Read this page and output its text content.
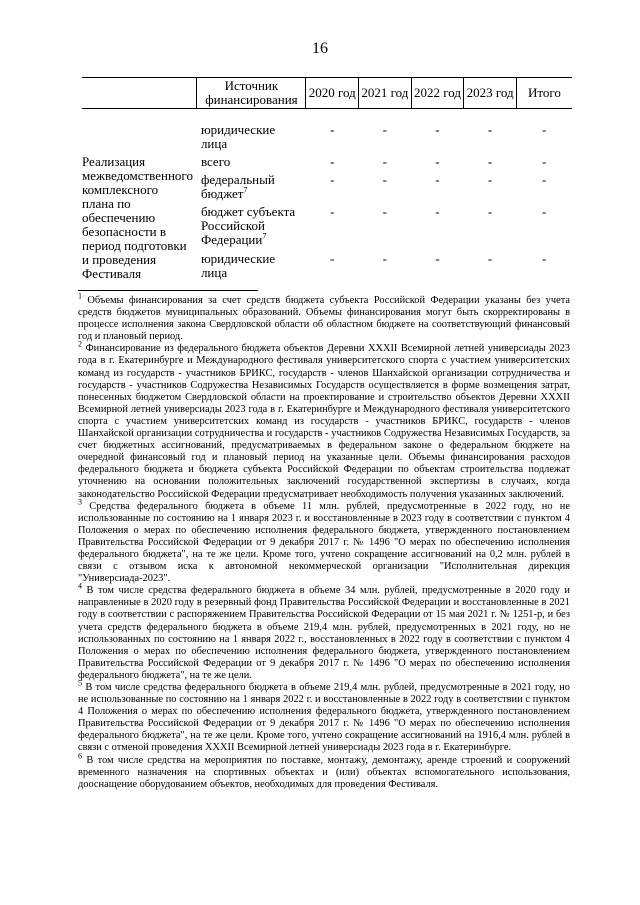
16
	Источник финансирования	2020 год	2021 год	2022 год	2023 год	Итого

	юридические лица	-	-	-	-	-

Реализация межведомственного комплексного плана по обеспечению безопасности в период подготовки и проведения Фестиваля	всего	-	-	-	-	-
	федеральный бюджет$^7$	-	-	-	-	-
	бюджет субъекта Российской Федерации$^7$	-	-	-	-	-
	юридические лица	-	-	-	-	-

$^1$ Объемы финансирования за счет средств бюджета субъекта Российской Федерации указаны без учета средств бюджетов муниципальных образований. Объемы финансирования могут быть скорректированы в процессе исполнения закона Свердловской области об областном бюджете на соответствующий финансовый год и плановый период.

$^2$ Финансирование из федерального бюджета объектов Деревни XXXII Всемирной летней универсиады 2023 года в г. Екатеринбурге и Международного фестиваля университетского спорта с участием университетских команд из государств - участников БРИКС, государств - членов Шанхайской организации сотрудничества и государств - участников Содружества Независимых Государств осуществляется в форме возмещения затрат, понесенных бюджетом Свердловской области на проектирование и строительство объектов Деревни XXXII Всемирной летней универсиады 2023 года в г. Екатеринбурге и Международного фестиваля университетского спорта с участием университетских команд из государств - участников БРИКС, государств - членов Шанхайской организации сотрудничества и государств - участников Содружества Независимых Государств, за счет бюджетных ассигнований, предусматриваемых в федеральном законе о федеральном бюджете на очередной финансовый год и плановый период на указанные цели. Объемы финансирования расходов федерального бюджета и бюджета субъекта Российской Федерации по объектам строительства подлежат уточнению на основании положительных заключений государственной экспертизы в случаях, когда законодательство Российской Федерации предусматривает необходимость получения указанных заключений.

$^3$ Средства федерального бюджета в объеме 11 млн. рублей, предусмотренные в 2022 году, но не использованные по состоянию на 1 января 2023 г. и восстановленные в 2023 году в соответствии с пунктом 4 Положения о мерах по обеспечению исполнения федерального бюджета, утвержденного постановлением Правительства Российской Федерации от 9 декабря 2017 г. № 1496 "О мерах по обеспечению исполнения федерального бюджета", на те же цели. Кроме того, учтено сокращение ассигнований на 0,2 млн. рублей в связи с отзывом иска к автономной некоммерческой организации "Исполнительная дирекция "Универсиада-2023".

$^4$ В том числе средства федерального бюджета в объеме 34 млн. рублей, предусмотренные в 2020 году и направленные в 2020 году в резервный фонд Правительства Российской Федерации и восстановленные в 2021 году в соответствии с распоряжением Правительства Российской Федерации от 15 мая 2021 г. № 1251-р, и без учета средств федерального бюджета в объеме 219,4 млн. рублей, предусмотренных в 2021 году, но не использованных по состоянию на 1 января 2022 г., восстановленных в 2022 году в соответствии с пунктом 4 Положения о мерах по обеспечению исполнения федерального бюджета, утвержденного постановлением Правительства Российской Федерации от 9 декабря 2017 г. № 1496 "О мерах по обеспечению исполнения федерального бюджета", на те же цели.

$^5$ В том числе средства федерального бюджета в объеме 219,4 млн. рублей, предусмотренные в 2021 году, но не использованные по состоянию на 1 января 2022 г. и восстановленные в 2022 году в соответствии с пунктом 4 Положения о мерах по обеспечению исполнения федерального бюджета, утвержденного постановлением Правительства Российской Федерации от 9 декабря 2017 г. № 1496 "О мерах по обеспечению исполнения федерального бюджета", на те же цели. Кроме того, учтено сокращение ассигнований на 1916,4 млн. рублей в связи с отменой проведения XXXII Всемирной летней универсиады 2023 года в г. Екатеринбурге.

$^6$ В том числе средства на мероприятия по поставке, монтажу, демонтажу, аренде строений и сооружений временного назначения на спортивных объектах и (или) объектах вспомогательного использования, дооснащение оборудованием объектов, необходимых для проведения Фестиваля.
